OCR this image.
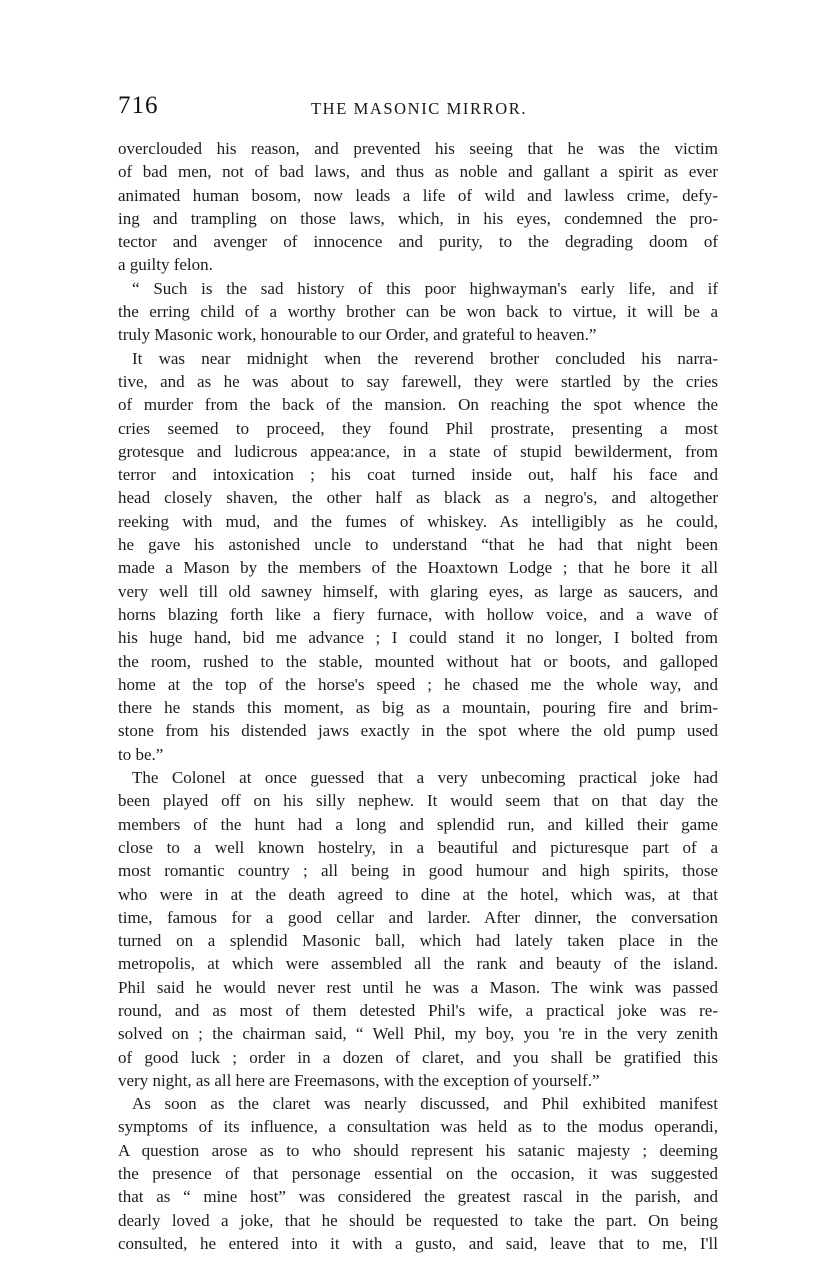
716	THE MASONIC MIRROR.
overclouded his reason, and prevented his seeing that he was the victim
of bad men, not of bad laws, and thus as noble and gallant a spirit as ever
animated human bosom, now leads a life of wild and lawless crime, defy-
ing and trampling on those laws, which, in his eyes, condemned the pro-
tector and avenger of innocence and purity, to the degrading doom of
a guilty felon.
“ Such is the sad history of this poor highwayman's early life, and if
the erring child of a worthy brother can be won back to virtue, it will be a
truly Masonic work, honourable to our Order, and grateful to heaven.”
It was near midnight when the reverend brother concluded his narra-
tive, and as he was about to say farewell, they were startled by the cries
of murder from the back of the mansion. On reaching the spot whence the
cries seemed to proceed, they found Phil prostrate, presenting a most
grotesque and ludicrous appea:ance, in a state of stupid bewilderment, from
terror and intoxication ; his coat turned inside out, half his face and
head closely shaven, the other half as black as a negro's, and altogether
reeking with mud, and the fumes of whiskey. As intelligibly as he could,
he gave his astonished uncle to understand “that he had that night been
made a Mason by the members of the Hoaxtown Lodge ; that he bore it all
very well till old sawney himself, with glaring eyes, as large as saucers, and
horns blazing forth like a fiery furnace, with hollow voice, and a wave of
his huge hand, bid me advance ; I could stand it no longer, I bolted from
the room, rushed to the stable, mounted without hat or boots, and galloped
home at the top of the horse's speed ; he chased me the whole way, and
there he stands this moment, as big as a mountain, pouring fire and brim-
stone from his distended jaws exactly in the spot where the old pump used
to be.”
The Colonel at once guessed that a very unbecoming practical joke had
been played off on his silly nephew. It would seem that on that day the
members of the hunt had a long and splendid run, and killed their game
close to a well known hostelry, in a beautiful and picturesque part of a
most romantic country ; all being in good humour and high spirits, those
who were in at the death agreed to dine at the hotel, which was, at that
time, famous for a good cellar and larder. After dinner, the conversation
turned on a splendid Masonic ball, which had lately taken place in the
metropolis, at which were assembled all the rank and beauty of the island.
Phil said he would never rest until he was a Mason. The wink was passed
round, and as most of them detested Phil's wife, a practical joke was re-
solved on ; the chairman said, “ Well Phil, my boy, you 're in the very zenith
of good luck ; order in a dozen of claret, and you shall be gratified this
very night, as all here are Freemasons, with the exception of yourself.”
As soon as the claret was nearly discussed, and Phil exhibited manifest
symptoms of its influence, a consultation was held as to the modus operandi,
A question arose as to who should represent his satanic majesty ; deeming
the presence of that personage essential on the occasion, it was suggested
that as “ mine host” was considered the greatest rascal in the parish, and
dearly loved a joke, that he should be requested to take the part. On being
consulted, he entered into it with a gusto, and said, leave that to me, I'll
